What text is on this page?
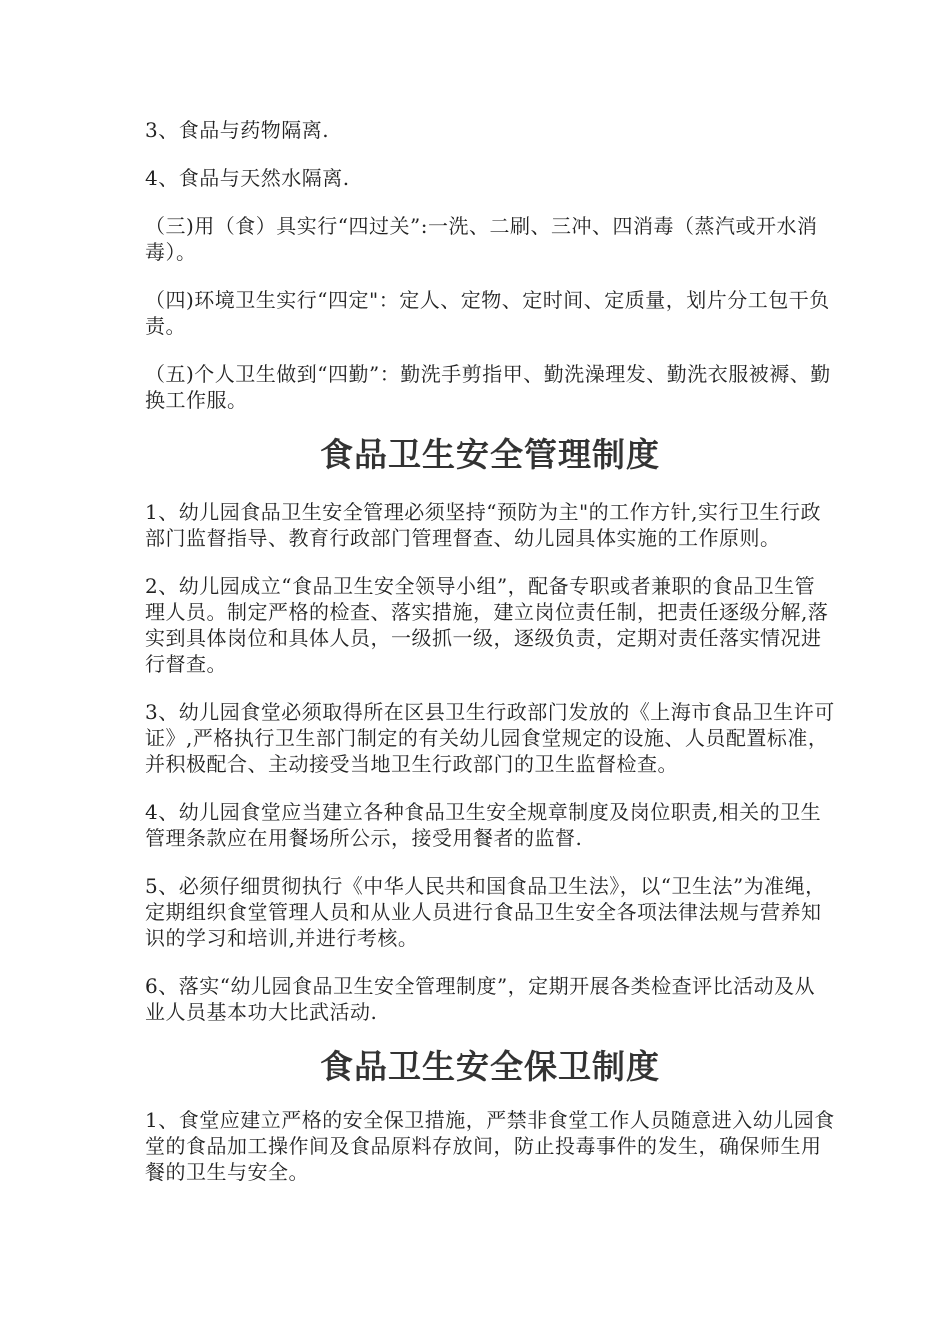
3、食品与药物隔离.

4、食品与天然水隔离.

（三)用（食）具实行“四过关”:一洗、二刷、三冲、四消毒（蒸汽或开水消毒）。

（四)环境卫生实行“四定"：定人、定物、定时间、定质量，划片分工包干负责。

（五)个人卫生做到“四勤”：勤洗手剪指甲、勤洗澡理发、勤洗衣服被褥、勤换工作服。

食品卫生安全管理制度

1、幼儿园食品卫生安全管理必须坚持“预防为主"的工作方针,实行卫生行政部门监督指导、教育行政部门管理督查、幼儿园具体实施的工作原则。

2、幼儿园成立“食品卫生安全领导小组”，配备专职或者兼职的食品卫生管理人员。制定严格的检查、落实措施，建立岗位责任制，把责任逐级分解,落实到具体岗位和具体人员，一级抓一级，逐级负责，定期对责任落实情况进行督查。

3、幼儿园食堂必须取得所在区县卫生行政部门发放的《上海市食品卫生许可证》,严格执行卫生部门制定的有关幼儿园食堂规定的设施、人员配置标准，并积极配合、主动接受当地卫生行政部门的卫生监督检查。

4、幼儿园食堂应当建立各种食品卫生安全规章制度及岗位职责,相关的卫生管理条款应在用餐场所公示，接受用餐者的监督.

5、必须仔细贯彻执行《中华人民共和国食品卫生法》，以“卫生法”为准绳，定期组织食堂管理人员和从业人员进行食品卫生安全各项法律法规与营养知识的学习和培训,并进行考核。

6、落实“幼儿园食品卫生安全管理制度”，定期开展各类检查评比活动及从业人员基本功大比武活动.

食品卫生安全保卫制度

1、食堂应建立严格的安全保卫措施，严禁非食堂工作人员随意进入幼儿园食堂的食品加工操作间及食品原料存放间，防止投毒事件的发生，确保师生用餐的卫生与安全。
